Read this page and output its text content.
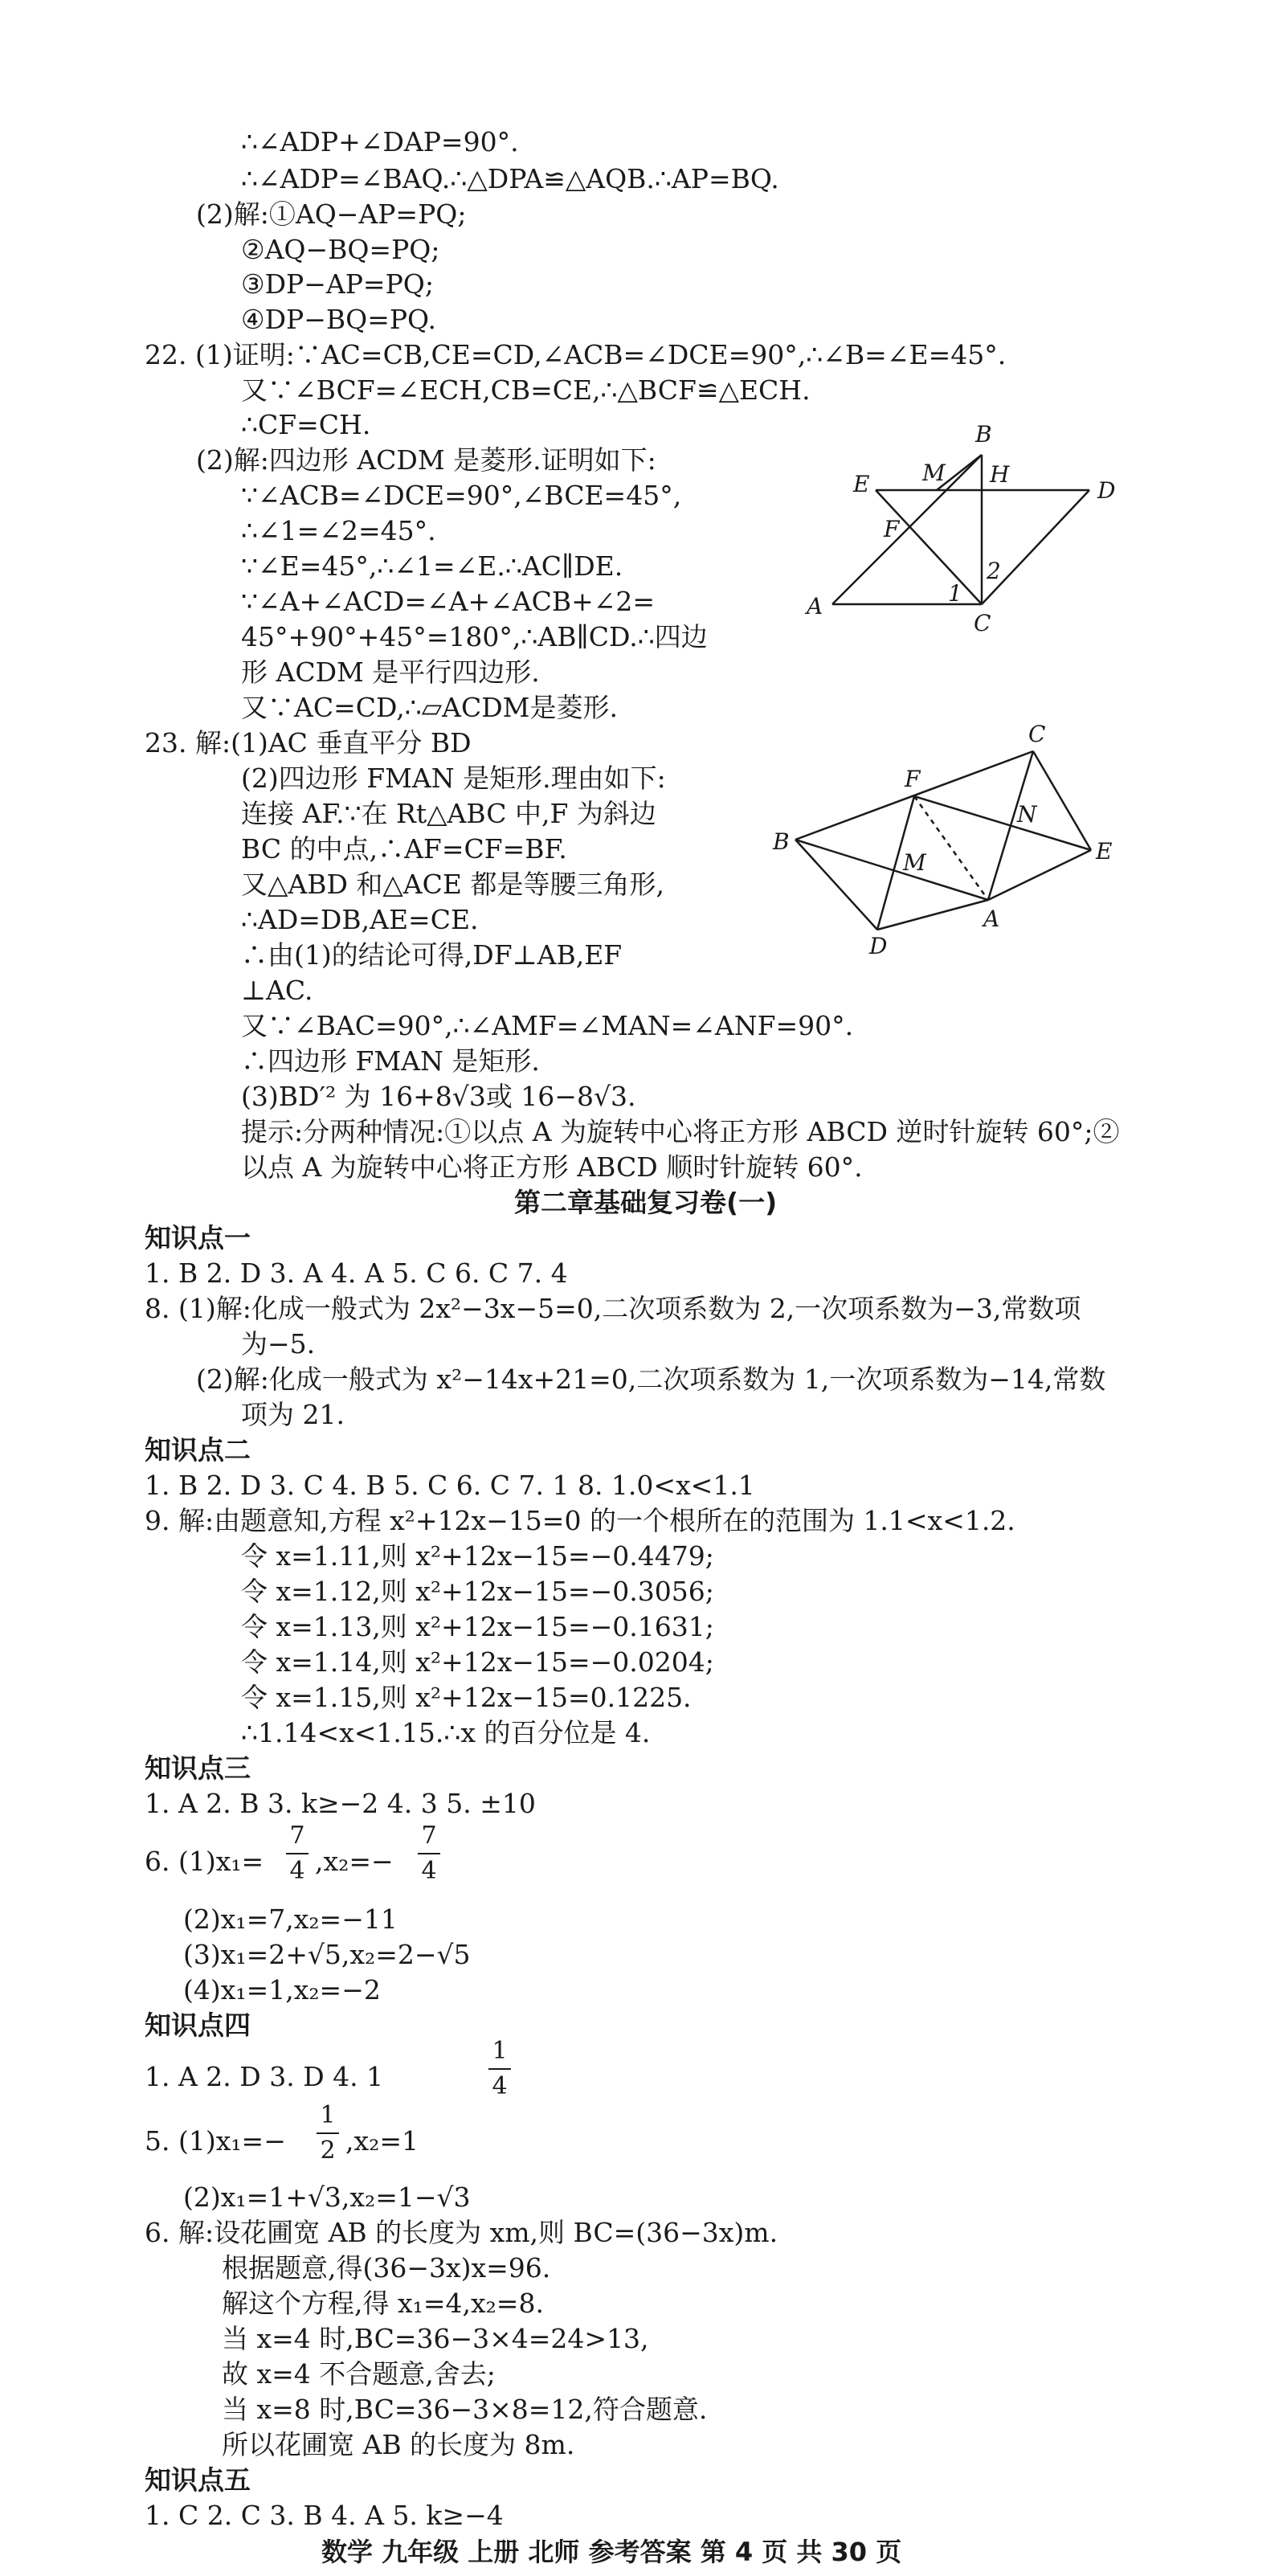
∴∠ADP+∠DAP=90°.
∴∠ADP=∠BAQ.∴△DPA≌△AQB.∴AP=BQ.
(2)解:①AQ−AP=PQ;
②AQ−BQ=PQ;
③DP−AP=PQ;
④DP−BQ=PQ.
22. (1)证明:∵AC=CB,CE=CD,∠ACB=∠DCE=90°,∴∠B=∠E=45°.
又∵∠BCF=∠ECH,CB=CE,∴△BCF≌△ECH.
∴CF=CH.
(2)解:四边形 ACDM 是菱形.证明如下:
∵∠ACB=∠DCE=90°,∠BCE=45°,
∴∠1=∠2=45°.
∵∠E=45°,∴∠1=∠E.∴AC∥DE.
∵∠A+∠ACD=∠A+∠ACB+∠2=
45°+90°+45°=180°,∴AB∥CD.∴四边
形 ACDM 是平行四边形.
又∵AC=CD,∴▱ACDM是菱形.
A
B
C
D
E
F
M H
1
2
23. 解:(1)AC 垂直平分 BD
(2)四边形 FMAN 是矩形.理由如下:
连接 AF.∵在 Rt△ABC 中,F 为斜边
BC 的中点,∴AF=CF=BF.
又△ABD 和△ACE 都是等腰三角形,
∴AD=DB,AE=CE.
∴由(1)的结论可得,DF⊥AB,EF
⊥AC.
又∵∠BAC=90°,∴∠AMF=∠MAN=∠ANF=90°.
∴四边形 FMAN 是矩形.
(3)BD′² 为 16+8√3或 16−8√3.
提示:分两种情况:①以点 A 为旋转中心将正方形 ABCD 逆时针旋转 60°;②
以点 A 为旋转中心将正方形 ABCD 顺时针旋转 60°.
B
C
F
M
N
E
A
D
第二章基础复习卷(一)
知识点一
1. B 2. D 3. A 4. A 5. C 6. C 7. 4
8. (1)解:化成一般式为 2x²−3x−5=0,二次项系数为 2,一次项系数为−3,常数项
为−5.
(2)解:化成一般式为 x²−14x+21=0,二次项系数为 1,一次项系数为−14,常数
项为 21.
知识点二
1. B 2. D 3. C 4. B 5. C 6. C 7. 1 8. 1.0<x<1.1
9. 解:由题意知,方程 x²+12x−15=0 的一个根所在的范围为 1.1<x<1.2.
令 x=1.11,则 x²+12x−15=−0.4479;
令 x=1.12,则 x²+12x−15=−0.3056;
令 x=1.13,则 x²+12x−15=−0.1631;
令 x=1.14,则 x²+12x−15=−0.0204;
令 x=1.15,则 x²+12x−15=0.1225.
∴1.14<x<1.15.∴x 的百分位是 4.
知识点三
1. A 2. B 3. k≥−2 4. 3 5. ±10
6. (1)x₁=
7
4 ,x₂=−
7
4
(2)x₁=7,x₂=−11
(3)x₁=2+√5,x₂=2−√5
(4)x₁=1,x₂=−2
知识点四
1. A 2. D 3. D 4. 1
1
4
5. (1)x₁=−
1
2 ,x₂=1
(2)x₁=1+√3,x₂=1−√3
6. 解:设花圃宽 AB 的长度为 xm,则 BC=(36−3x)m.
根据题意,得(36−3x)x=96.
解这个方程,得 x₁=4,x₂=8.
当 x=4 时,BC=36−3×4=24>13,
故 x=4 不合题意,舍去;
当 x=8 时,BC=36−3×8=12,符合题意.
所以花圃宽 AB 的长度为 8m.
知识点五
1. C 2. C 3. B 4. A 5. k≥−4
数学 九年级 上册 北师 参考答案 第 4 页 共 30 页
